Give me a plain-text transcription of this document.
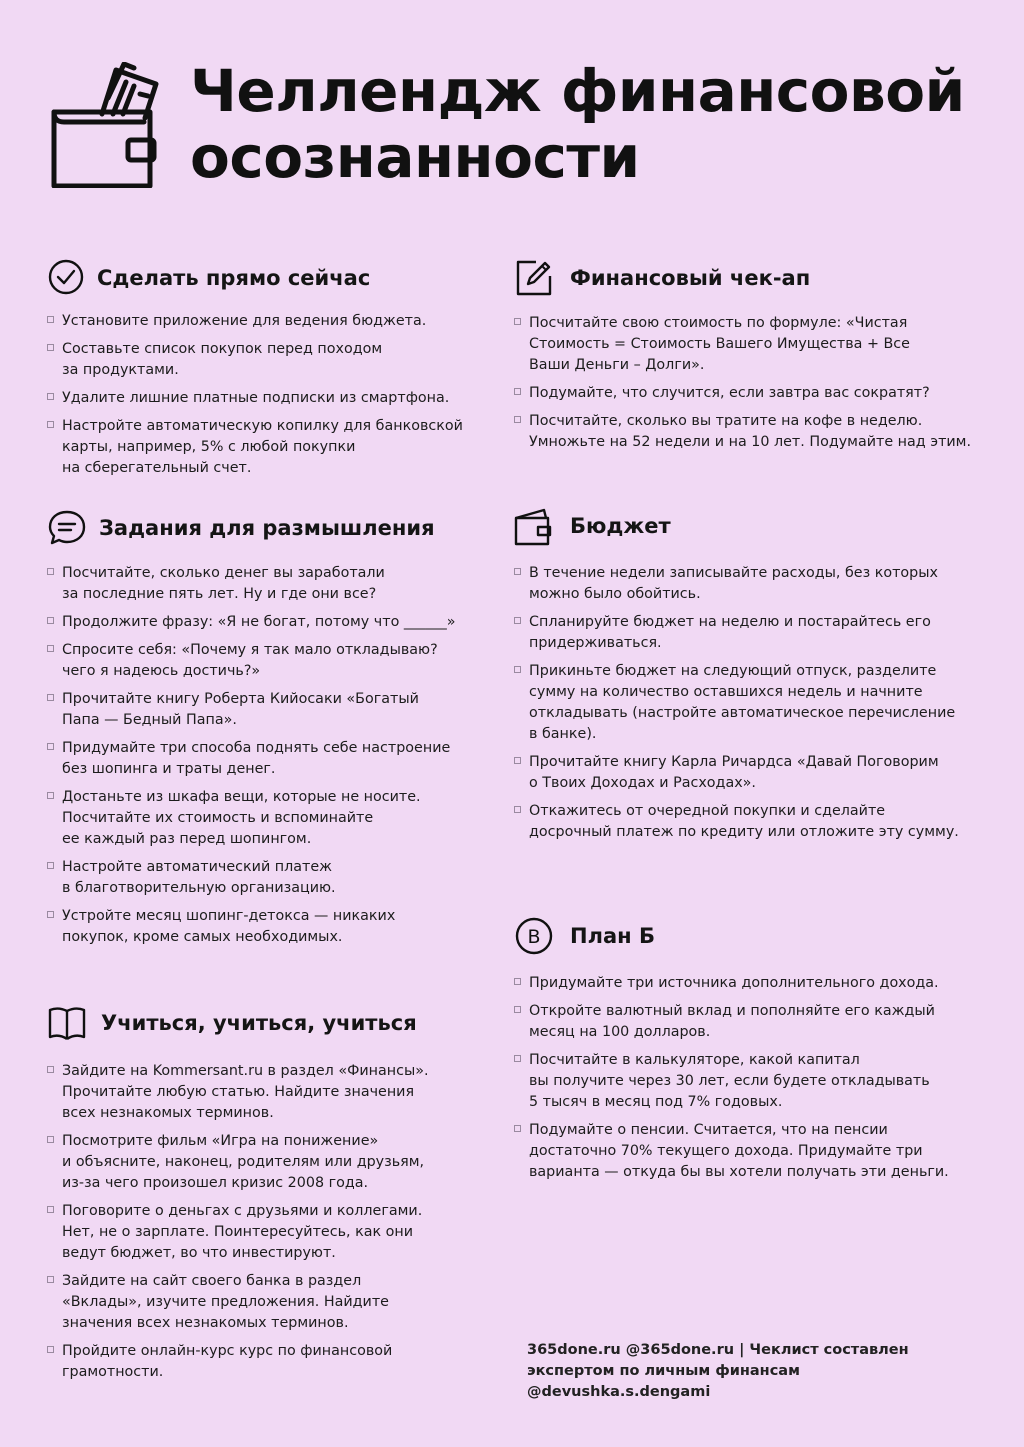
Челлендж финансовой
осознанности
Сделать прямо сейчас
Установите приложение для ведения бюджета.
Составьте список покупок перед походом
за продуктами.
Удалите лишние платные подписки из смартфона.
Настройте автоматическую копилку для банковской
карты, например, 5% с любой покупки
на сберегательный счет.
Финансовый чек-ап
Посчитайте свою стоимость по формуле: «Чистая
Стоимость = Стоимость Вашего Имущества + Все
Ваши Деньги – Долги».
Подумайте, что случится, если завтра вас сократят?
Посчитайте, сколько вы тратите на кофе в неделю.
Умножьте на 52 недели и на 10 лет. Подумайте над этим.
Задания для размышления
Посчитайте, сколько денег вы заработали
за последние пять лет. Ну и где они все?
Продолжите фразу: «Я не богат, потому что ______»
Спросите себя: «Почему я так мало откладываю?
чего я надеюсь достичь?»
Прочитайте книгу Роберта Кийосаки «Богатый
Папа — Бедный Папа».
Придумайте три способа поднять себе настроение
без шопинга и траты денег.
Достаньте из шкафа вещи, которые не носите.
Посчитайте их стоимость и вспоминайте
ее каждый раз перед шопингом.
Настройте автоматический платеж
в благотворительную организацию.
Устройте месяц шопинг-детокса — никаких
покупок, кроме самых необходимых.
Бюджет
В течение недели записывайте расходы, без которых
можно было обойтись.
Спланируйте бюджет на неделю и постарайтесь его
придерживаться.
Прикиньте бюджет на следующий отпуск, разделите
сумму на количество оставшихся недель и начните
откладывать (настройте автоматическое перечисление
в банке).
Прочитайте книгу Карла Ричардса «Давай Поговорим
о Твоих Доходах и Расходах».
Откажитесь от очередной покупки и сделайте
досрочный платеж по кредиту или отложите эту сумму.
B План Б
Придумайте три источника дополнительного дохода.
Откройте валютный вклад и пополняйте его каждый
месяц на 100 долларов.
Посчитайте в калькуляторе, какой капитал
вы получите через 30 лет, если будете откладывать
5 тысяч в месяц под 7% годовых.
Подумайте о пенсии. Считается, что на пенсии
достаточно 70% текущего дохода. Придумайте три
варианта — откуда бы вы хотели получать эти деньги.
Учиться, учиться, учиться
Зайдите на Kommersant.ru в раздел «Финансы».
Прочитайте любую статью. Найдите значения
всех незнакомых терминов.
Посмотрите фильм «Игра на понижение»
и объясните, наконец, родителям или друзьям,
из-за чего произошел кризис 2008 года.
Поговорите о деньгах с друзьями и коллегами.
Нет, не о зарплате. Поинтересуйтесь, как они
ведут бюджет, во что инвестируют.
Зайдите на сайт своего банка в раздел
«Вклады», изучите предложения. Найдите
значения всех незнакомых терминов.
Пройдите онлайн-курс курс по финансовой
грамотности.
365done.ru @365done.ru | Чеклист составлен
экспертом по личным финансам @devushka.s.dengami
